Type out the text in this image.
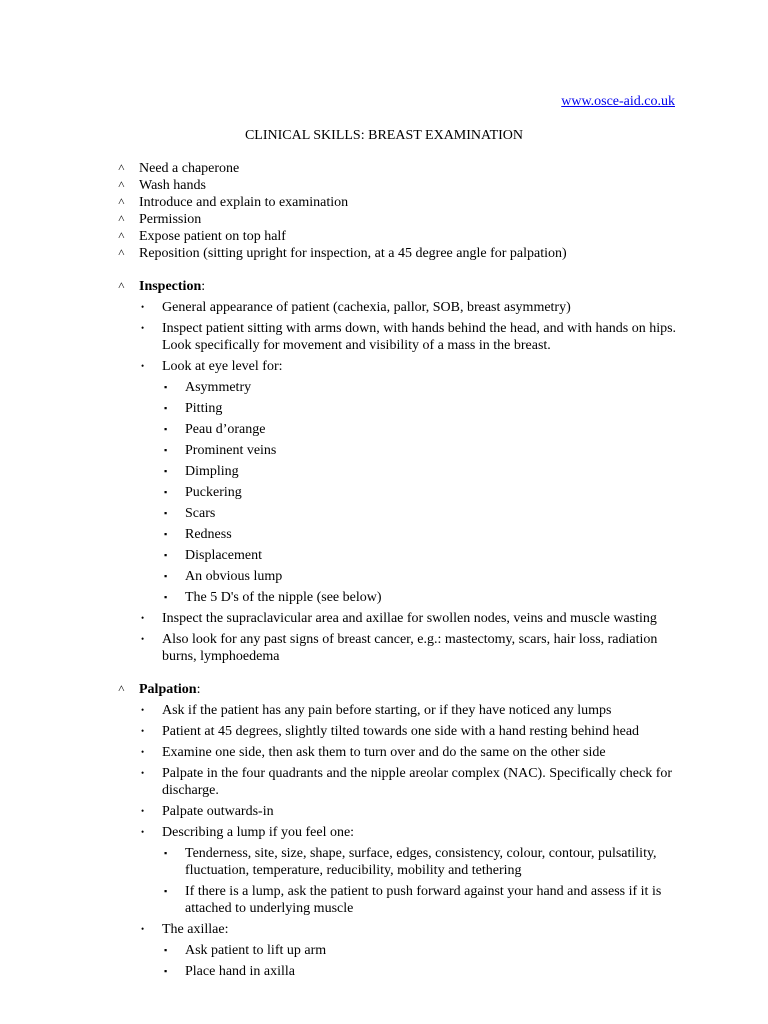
www.osce-aid.co.uk
CLINICAL SKILLS: BREAST EXAMINATION
˄ Need a chaperone
˄ Wash hands
˄ Introduce and explain to examination
˄ Permission
˄ Expose patient on top half
˄ Reposition (sitting upright for inspection, at a 45 degree angle for palpation)
˄ Inspection:
• General appearance of patient (cachexia, pallor, SOB, breast asymmetry)
• Inspect patient sitting with arms down, with hands behind the head, and with hands on hips. Look specifically for movement and visibility of a mass in the breast.
• Look at eye level for:
▪ Asymmetry
▪ Pitting
▪ Peau d’orange
▪ Prominent veins
▪ Dimpling
▪ Puckering
▪ Scars
▪ Redness
▪ Displacement
▪ An obvious lump
▪ The 5 D's of the nipple (see below)
• Inspect the supraclavicular area and axillae for swollen nodes, veins and muscle wasting
• Also look for any past signs of breast cancer, e.g.: mastectomy, scars, hair loss, radiation burns, lymphoedema
˄ Palpation:
• Ask if the patient has any pain before starting, or if they have noticed any lumps
• Patient at 45 degrees, slightly tilted towards one side with a hand resting behind head
• Examine one side, then ask them to turn over and do the same on the other side
• Palpate in the four quadrants and the nipple areolar complex (NAC). Specifically check for discharge.
• Palpate outwards-in
• Describing a lump if you feel one:
▪ Tenderness, site, size, shape, surface, edges, consistency, colour, contour, pulsatility, fluctuation, temperature, reducibility, mobility and tethering
▪ If there is a lump, ask the patient to push forward against your hand and assess if it is attached to underlying muscle
• The axillae:
▪ Ask patient to lift up arm
▪ Place hand in axilla
